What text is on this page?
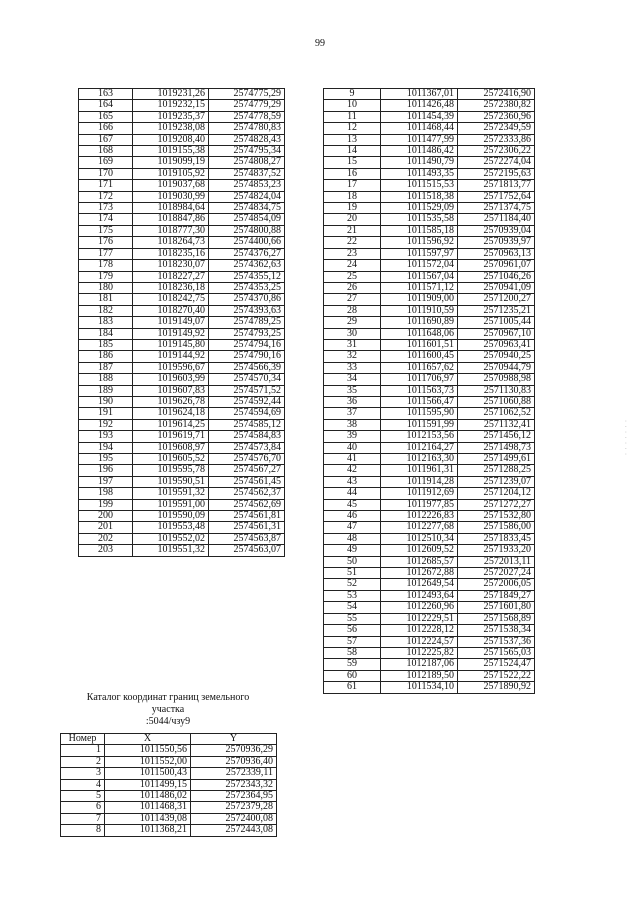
99
163	1019231,26	2574775,29
164	1019232,15	2574779,29
165	1019235,37	2574778,59
166	1019238,08	2574780,83
167	1019208,40	2574828,43
168	1019155,38	2574795,34
169	1019099,19	2574808,27
170	1019105,92	2574837,52
171	1019037,68	2574853,23
172	1019030,99	2574824,04
173	1018984,64	2574834,75
174	1018847,86	2574854,09
175	1018777,30	2574800,88
176	1018264,73	2574400,66
177	1018235,16	2574376,27
178	1018230,07	2574362,63
179	1018227,27	2574355,12
180	1018236,18	2574353,25
181	1018242,75	2574370,86
182	1018270,40	2574393,63
183	1019149,07	2574789,25
184	1019149,92	2574793,25
185	1019145,80	2574794,16
186	1019144,92	2574790,16
187	1019596,67	2574566,39
188	1019603,99	2574570,34
189	1019607,83	2574571,52
190	1019626,78	2574592,44
191	1019624,18	2574594,69
192	1019614,25	2574585,12
193	1019619,71	2574584,83
194	1019608,97	2574573,84
195	1019605,52	2574576,70
196	1019595,78	2574567,27
197	1019590,51	2574561,45
198	1019591,32	2574562,37
199	1019591,00	2574562,69
200	1019590,09	2574561,81
201	1019553,48	2574561,31
202	1019552,02	2574563,87
203	1019551,32	2574563,07
Каталог координат границ земельного
участка
:5044/чзу9
Номер	X	Y
1	1011550,56	2570936,29
2	1011552,00	2570936,40
3	1011500,43	2572339,11
4	1011499,15	2572343,32
5	1011486,02	2572364,95
6	1011468,31	2572379,28
7	1011439,08	2572400,08
8	1011368,21	2572443,08
9	1011367,01	2572416,90
10	1011426,48	2572380,82
11	1011454,39	2572360,96
12	1011468,44	2572349,59
13	1011477,99	2572333,86
14	1011486,42	2572306,22
15	1011490,79	2572274,04
16	1011493,35	2572195,63
17	1011515,53	2571813,77
18	1011518,38	2571752,64
19	1011529,09	2571374,75
20	1011535,58	2571184,40
21	1011585,18	2570939,04
22	1011596,92	2570939,97
23	1011597,97	2570963,13
24	1011572,04	2570961,07
25	1011567,04	2571046,26
26	1011571,12	2570941,09
27	1011909,00	2571200,27
28	1011910,59	2571235,21
29	1011690,89	2571005,44
30	1011648,06	2570967,10
31	1011601,51	2570963,41
32	1011600,45	2570940,25
33	1011657,62	2570944,79
34	1011706,97	2570988,98
35	1011563,73	2571130,83
36	1011566,47	2571060,88
37	1011595,90	2571062,52
38	1011591,99	2571132,41
39	1012153,56	2571456,12
40	1012164,27	2571498,73
41	1012163,30	2571499,61
42	1011961,31	2571288,25
43	1011914,28	2571239,07
44	1011912,69	2571204,12
45	1011977,85	2571272,27
46	1012226,83	2571532,80
47	1012277,68	2571586,00
48	1012510,34	2571833,45
49	1012609,52	2571933,20
50	1012685,57	2572013,11
51	1012672,88	2572027,24
52	1012649,54	2572006,05
53	1012493,64	2571849,27
54	1012260,96	2571601,80
55	1012229,51	2571568,89
56	1012228,12	2571538,34
57	1012224,57	2571537,36
58	1012225,82	2571565,03
59	1012187,06	2571524,47
60	1012189,50	2571522,22
61	1011534,10	2571890,92
· · · · · · ·
